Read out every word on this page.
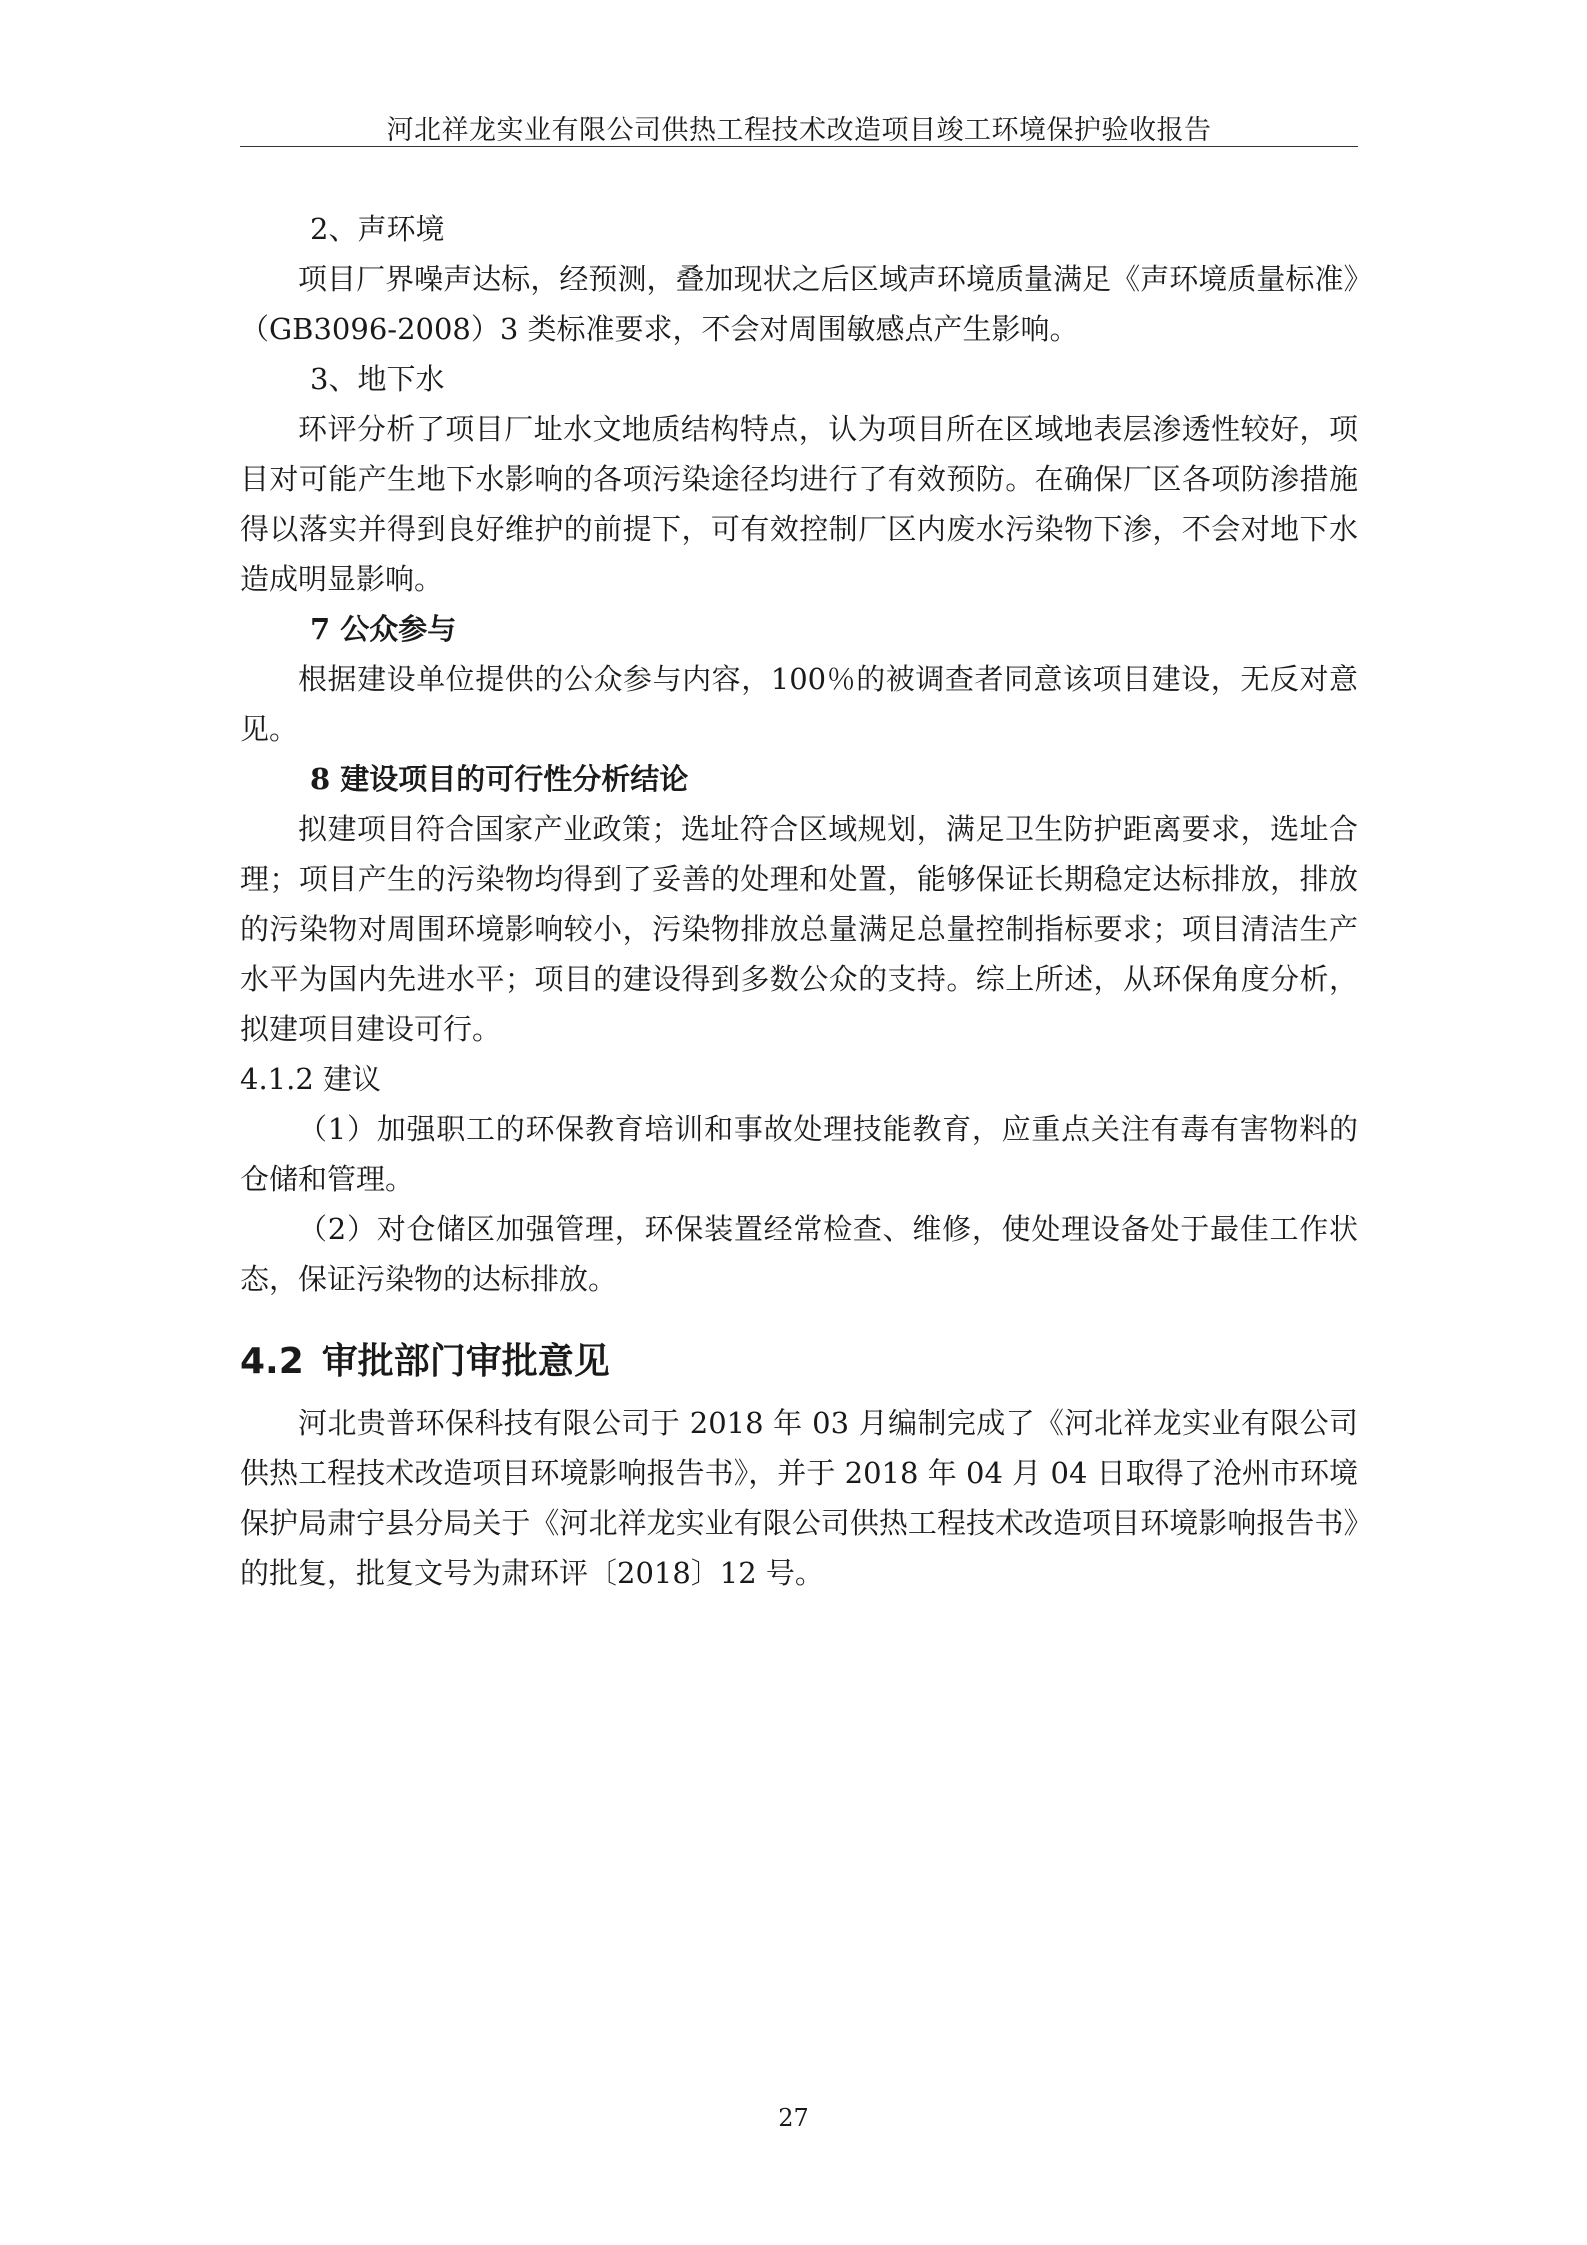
河北祥龙实业有限公司供热工程技术改造项目竣工环境保护验收报告

2、声环境

项目厂界噪声达标，经预测，叠加现状之后区域声环境质量满足《声环境质量标准》（GB3096-2008）3 类标准要求，不会对周围敏感点产生影响。

3、地下水

环评分析了项目厂址水文地质结构特点，认为项目所在区域地表层渗透性较好，项目对可能产生地下水影响的各项污染途径均进行了有效预防。在确保厂区各项防渗措施得以落实并得到良好维护的前提下，可有效控制厂区内废水污染物下渗，不会对地下水造成明显影响。

7 公众参与

根据建设单位提供的公众参与内容，100％的被调查者同意该项目建设，无反对意见。

8 建设项目的可行性分析结论

拟建项目符合国家产业政策；选址符合区域规划，满足卫生防护距离要求，选址合理；项目产生的污染物均得到了妥善的处理和处置，能够保证长期稳定达标排放，排放的污染物对周围环境影响较小，污染物排放总量满足总量控制指标要求；项目清洁生产水平为国内先进水平；项目的建设得到多数公众的支持。综上所述，从环保角度分析，拟建项目建设可行。

4.1.2 建议

（1）加强职工的环保教育培训和事故处理技能教育，应重点关注有毒有害物料的仓储和管理。

（2）对仓储区加强管理，环保装置经常检查、维修，使处理设备处于最佳工作状态，保证污染物的达标排放。

4.2 审批部门审批意见

河北贵普环保科技有限公司于 2018 年 03 月编制完成了《河北祥龙实业有限公司供热工程技术改造项目环境影响报告书》，并于 2018 年 04 月 04 日取得了沧州市环境保护局肃宁县分局关于《河北祥龙实业有限公司供热工程技术改造项目环境影响报告书》的批复，批复文号为肃环评〔2018〕12 号。

27
